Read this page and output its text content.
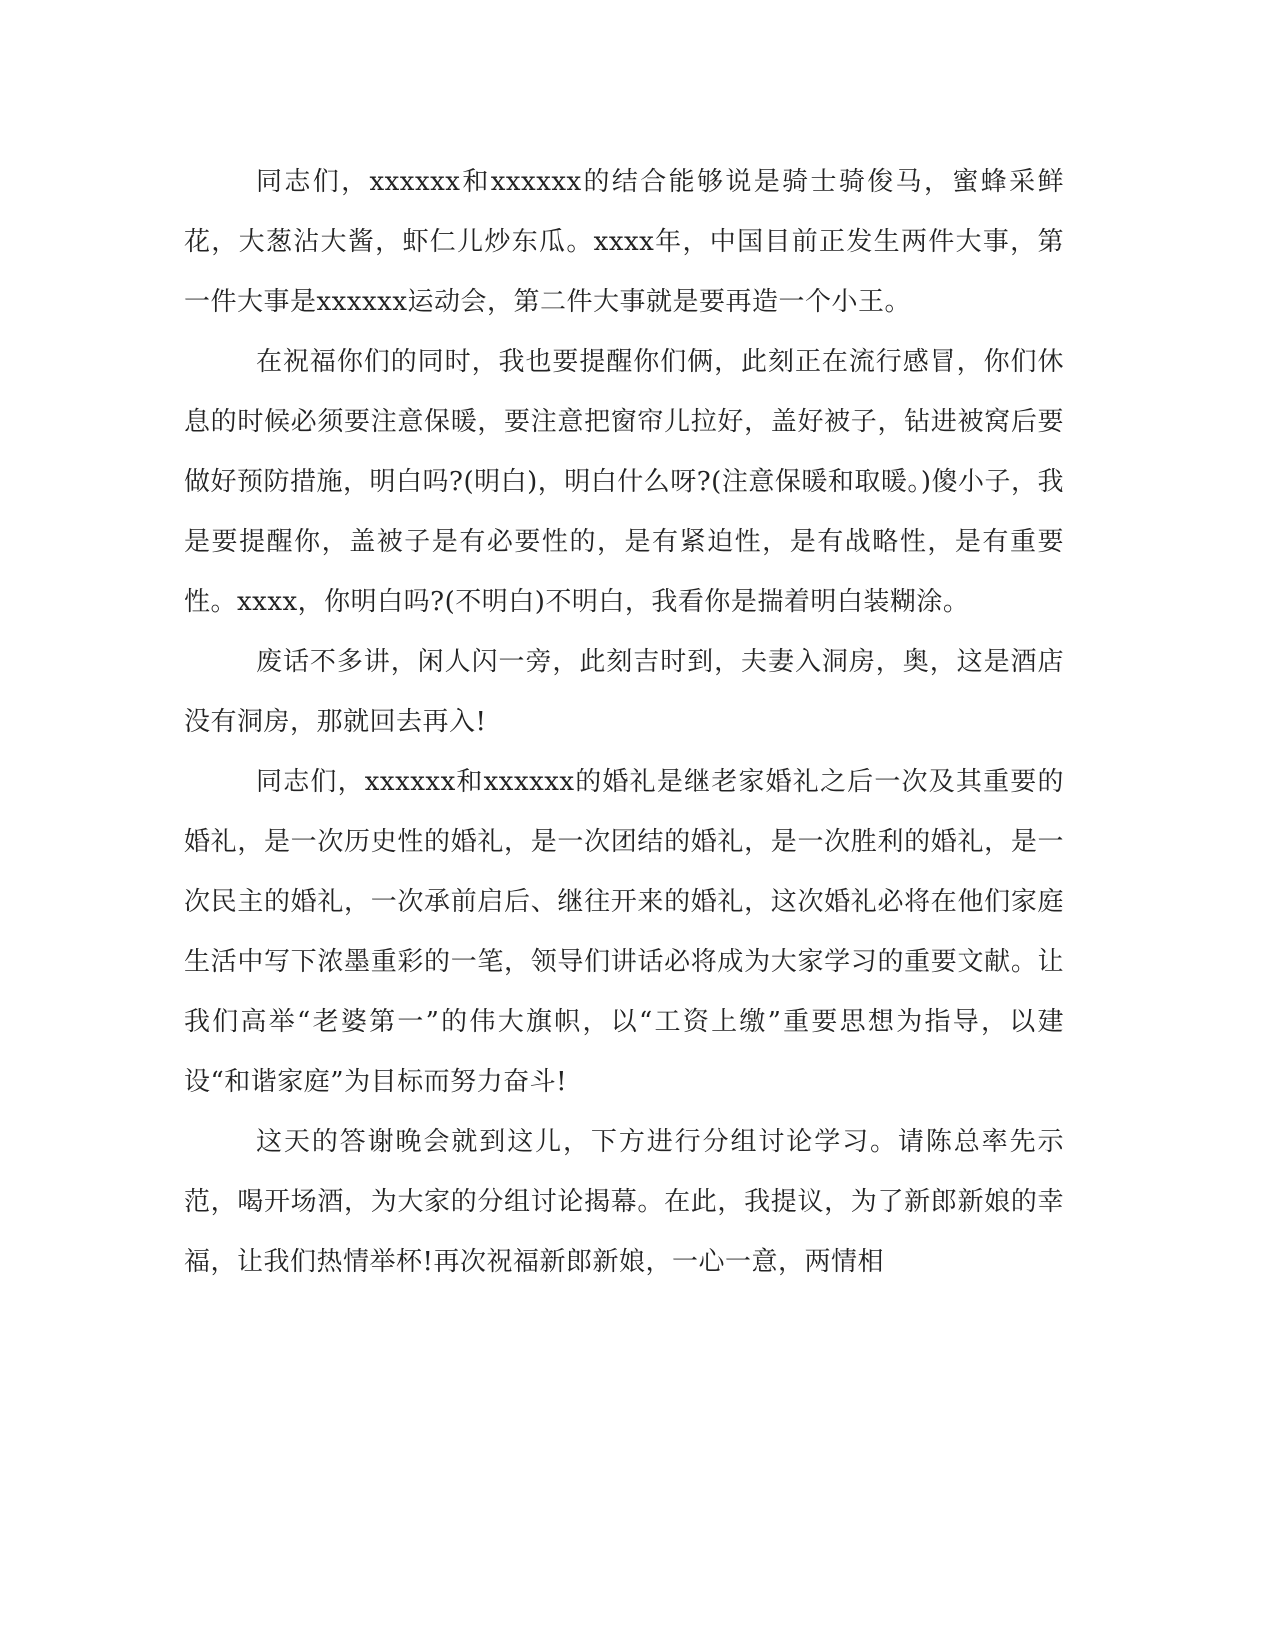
同志们，xxxxxx和xxxxxx的结合能够说是骑士骑俊马，蜜蜂采鲜花，大葱沾大酱，虾仁儿炒东瓜。xxxx年，中国目前正发生两件大事，第一件大事是xxxxxx运动会，第二件大事就是要再造一个小王。

在祝福你们的同时，我也要提醒你们俩，此刻正在流行感冒，你们休息的时候必须要注意保暖，要注意把窗帘儿拉好，盖好被子，钻进被窝后要做好预防措施，明白吗?(明白)，明白什么呀?(注意保暖和取暖。)傻小子，我是要提醒你，盖被子是有必要性的，是有紧迫性，是有战略性，是有重要性。xxxx，你明白吗?(不明白)不明白，我看你是揣着明白装糊涂。

废话不多讲，闲人闪一旁，此刻吉时到，夫妻入洞房，奥，这是酒店没有洞房，那就回去再入!

同志们，xxxxxx和xxxxxx的婚礼是继老家婚礼之后一次及其重要的婚礼，是一次历史性的婚礼，是一次团结的婚礼，是一次胜利的婚礼，是一次民主的婚礼，一次承前启后、继往开来的婚礼，这次婚礼必将在他们家庭生活中写下浓墨重彩的一笔，领导们讲话必将成为大家学习的重要文献。让我们高举“老婆第一”的伟大旗帜，以“工资上缴”重要思想为指导，以建设“和谐家庭”为目标而努力奋斗!

这天的答谢晚会就到这儿，下方进行分组讨论学习。请陈总率先示范，喝开场酒，为大家的分组讨论揭幕。在此，我提议，为了新郎新娘的幸福，让我们热情举杯!再次祝福新郎新娘，一心一意，两情相
